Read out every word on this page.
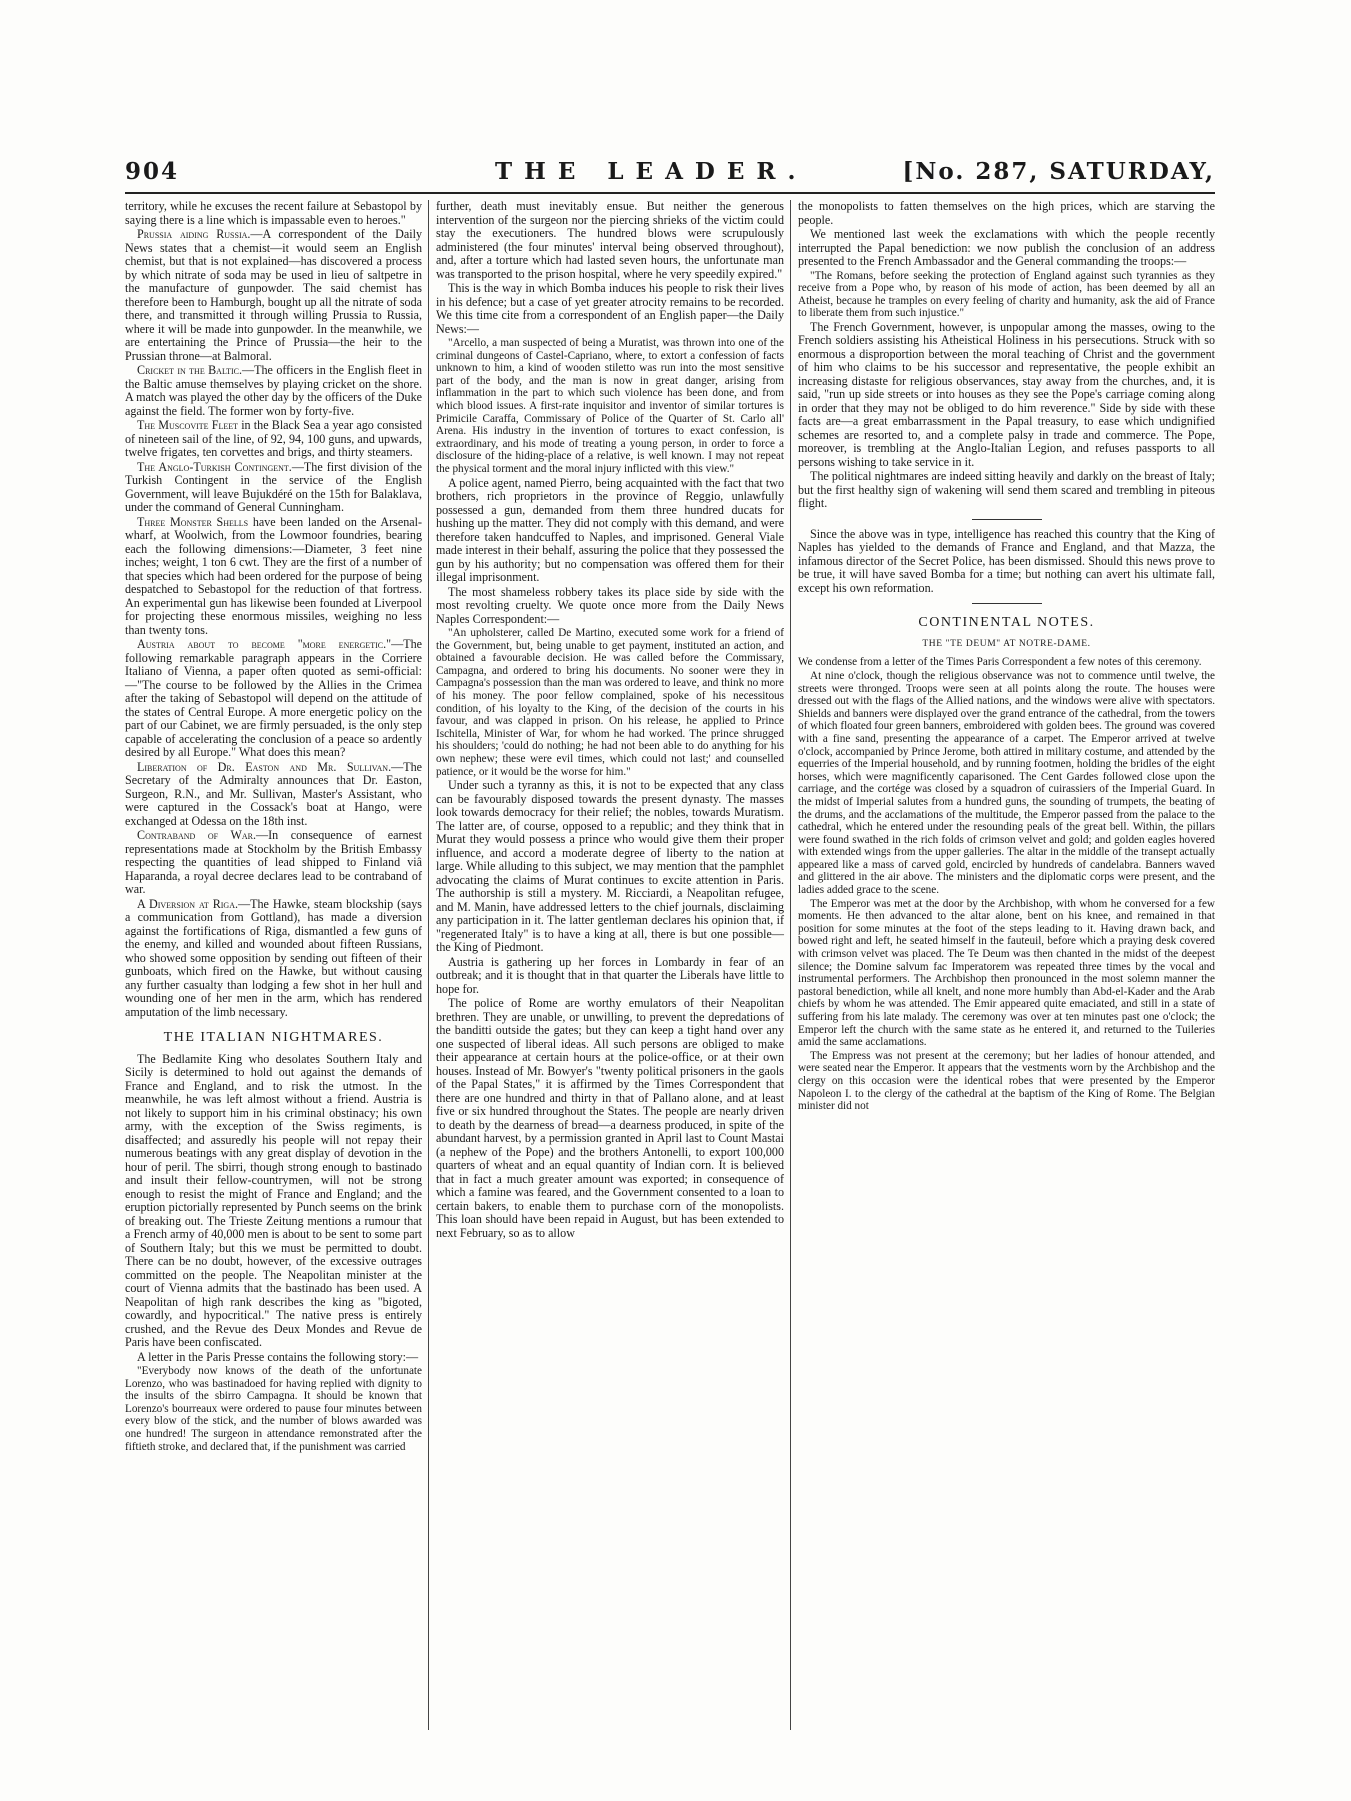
904	THE LEADER.	[No. 287, SATURDAY,

territory, while he excuses the recent failure at Sebastopol by saying there is a line which is impassable even to heroes."

Prussia aiding Russia.—A correspondent of the Daily News states that a chemist—it would seem an English chemist, but that is not explained—has discovered a process by which nitrate of soda may be used in lieu of saltpetre in the manufacture of gunpowder. The said chemist has therefore been to Hamburgh, bought up all the nitrate of soda there, and transmitted it through willing Prussia to Russia, where it will be made into gunpowder. In the meanwhile, we are entertaining the Prince of Prussia—the heir to the Prussian throne—at Balmoral.

Cricket in the Baltic.—The officers in the English fleet in the Baltic amuse themselves by playing cricket on the shore. A match was played the other day by the officers of the Duke against the field. The former won by forty-five.

The Muscovite Fleet in the Black Sea a year ago consisted of nineteen sail of the line, of 92, 94, 100 guns, and upwards, twelve frigates, ten corvettes and brigs, and thirty steamers.

The Anglo-Turkish Contingent.—The first division of the Turkish Contingent in the service of the English Government, will leave Bujukdéré on the 15th for Balaklava, under the command of General Cunningham.

Three Monster Shells have been landed on the Arsenal-wharf, at Woolwich, from the Lowmoor foundries, bearing each the following dimensions:—Diameter, 3 feet nine inches; weight, 1 ton 6 cwt. They are the first of a number of that species which had been ordered for the purpose of being despatched to Sebastopol for the reduction of that fortress. An experimental gun has likewise been founded at Liverpool for projecting these enormous missiles, weighing no less than twenty tons.

Austria about to become "more energetic."—The following remarkable paragraph appears in the Corriere Italiano of Vienna, a paper often quoted as semi-official:—"The course to be followed by the Allies in the Crimea after the taking of Sebastopol will depend on the attitude of the states of Central Europe. A more energetic policy on the part of our Cabinet, we are firmly persuaded, is the only step capable of accelerating the conclusion of a peace so ardently desired by all Europe." What does this mean?

Liberation of Dr. Easton and Mr. Sullivan.—The Secretary of the Admiralty announces that Dr. Easton, Surgeon, R.N., and Mr. Sullivan, Master's Assistant, who were captured in the Cossack's boat at Hango, were exchanged at Odessa on the 18th inst.

Contraband of War.—In consequence of earnest representations made at Stockholm by the British Embassy respecting the quantities of lead shipped to Finland viâ Haparanda, a royal decree declares lead to be contraband of war.

A Diversion at Riga.—The Hawke, steam blockship (says a communication from Gottland), has made a diversion against the fortifications of Riga, dismantled a few guns of the enemy, and killed and wounded about fifteen Russians, who showed some opposition by sending out fifteen of their gunboats, which fired on the Hawke, but without causing any further casualty than lodging a few shot in her hull and wounding one of her men in the arm, which has rendered amputation of the limb necessary.

THE ITALIAN NIGHTMARES.

The Bedlamite King who desolates Southern Italy and Sicily is determined to hold out against the demands of France and England, and to risk the utmost. In the meanwhile, he was left almost without a friend. Austria is not likely to support him in his criminal obstinacy; his own army, with the exception of the Swiss regiments, is disaffected; and assuredly his people will not repay their numerous beatings with any great display of devotion in the hour of peril. The sbirri, though strong enough to bastinado and insult their fellow-countrymen, will not be strong enough to resist the might of France and England; and the eruption pictorially represented by Punch seems on the brink of breaking out. The Trieste Zeitung mentions a rumour that a French army of 40,000 men is about to be sent to some part of Southern Italy; but this we must be permitted to doubt. There can be no doubt, however, of the excessive outrages committed on the people. The Neapolitan minister at the court of Vienna admits that the bastinado has been used. A Neapolitan of high rank describes the king as "bigoted, cowardly, and hypocritical." The native press is entirely crushed, and the Revue des Deux Mondes and Revue de Paris have been confiscated.

A letter in the Paris Presse contains the following story:—

"Everybody now knows of the death of the unfortunate Lorenzo, who was bastinadoed for having replied with dignity to the insults of the sbirro Campagna. It should be known that Lorenzo's bourreaux were ordered to pause four minutes between every blow of the stick, and the number of blows awarded was one hundred! The surgeon in attendance remonstrated after the fiftieth stroke, and declared that, if the punishment was carried

further, death must inevitably ensue. But neither the generous intervention of the surgeon nor the piercing shrieks of the victim could stay the executioners. The hundred blows were scrupulously administered (the four minutes' interval being observed throughout), and, after a torture which had lasted seven hours, the unfortunate man was transported to the prison hospital, where he very speedily expired."

This is the way in which Bomba induces his people to risk their lives in his defence; but a case of yet greater atrocity remains to be recorded. We this time cite from a correspondent of an English paper—the Daily News:—

"Arcello, a man suspected of being a Muratist, was thrown into one of the criminal dungeons of Castel-Capriano, where, to extort a confession of facts unknown to him, a kind of wooden stiletto was run into the most sensitive part of the body, and the man is now in great danger, arising from inflammation in the part to which such violence has been done, and from which blood issues. A first-rate inquisitor and inventor of similar tortures is Primicile Caraffa, Commissary of Police of the Quarter of St. Carlo all' Arena. His industry in the invention of tortures to exact confession, is extraordinary, and his mode of treating a young person, in order to force a disclosure of the hiding-place of a relative, is well known. I may not repeat the physical torment and the moral injury inflicted with this view."

A police agent, named Pierro, being acquainted with the fact that two brothers, rich proprietors in the province of Reggio, unlawfully possessed a gun, demanded from them three hundred ducats for hushing up the matter. They did not comply with this demand, and were therefore taken handcuffed to Naples, and imprisoned. General Viale made interest in their behalf, assuring the police that they possessed the gun by his authority; but no compensation was offered them for their illegal imprisonment.

The most shameless robbery takes its place side by side with the most revolting cruelty. We quote once more from the Daily News Naples Correspondent:—

"An upholsterer, called De Martino, executed some work for a friend of the Government, but, being unable to get payment, instituted an action, and obtained a favourable decision. He was called before the Commissary, Campagna, and ordered to bring his documents. No sooner were they in Campagna's possession than the man was ordered to leave, and think no more of his money. The poor fellow complained, spoke of his necessitous condition, of his loyalty to the King, of the decision of the courts in his favour, and was clapped in prison. On his release, he applied to Prince Ischitella, Minister of War, for whom he had worked. The prince shrugged his shoulders; 'could do nothing; he had not been able to do anything for his own nephew; these were evil times, which could not last;' and counselled patience, or it would be the worse for him."

Under such a tyranny as this, it is not to be expected that any class can be favourably disposed towards the present dynasty. The masses look towards democracy for their relief; the nobles, towards Muratism. The latter are, of course, opposed to a republic; and they think that in Murat they would possess a prince who would give them their proper influence, and accord a moderate degree of liberty to the nation at large. While alluding to this subject, we may mention that the pamphlet advocating the claims of Murat continues to excite attention in Paris. The authorship is still a mystery. M. Ricciardi, a Neapolitan refugee, and M. Manin, have addressed letters to the chief journals, disclaiming any participation in it. The latter gentleman declares his opinion that, if "regenerated Italy" is to have a king at all, there is but one possible—the King of Piedmont.

Austria is gathering up her forces in Lombardy in fear of an outbreak; and it is thought that in that quarter the Liberals have little to hope for.

The police of Rome are worthy emulators of their Neapolitan brethren. They are unable, or unwilling, to prevent the depredations of the banditti outside the gates; but they can keep a tight hand over any one suspected of liberal ideas. All such persons are obliged to make their appearance at certain hours at the police-office, or at their own houses. Instead of Mr. Bowyer's "twenty political prisoners in the gaols of the Papal States," it is affirmed by the Times Correspondent that there are one hundred and thirty in that of Pallano alone, and at least five or six hundred throughout the States. The people are nearly driven to death by the dearness of bread—a dearness produced, in spite of the abundant harvest, by a permission granted in April last to Count Mastai (a nephew of the Pope) and the brothers Antonelli, to export 100,000 quarters of wheat and an equal quantity of Indian corn. It is believed that in fact a much greater amount was exported; in consequence of which a famine was feared, and the Government consented to a loan to certain bakers, to enable them to purchase corn of the monopolists. This loan should have been repaid in August, but has been extended to next February, so as to allow

the monopolists to fatten themselves on the high prices, which are starving the people.

We mentioned last week the exclamations with which the people recently interrupted the Papal benediction: we now publish the conclusion of an address presented to the French Ambassador and the General commanding the troops:—

"The Romans, before seeking the protection of England against such tyrannies as they receive from a Pope who, by reason of his mode of action, has been deemed by all an Atheist, because he tramples on every feeling of charity and humanity, ask the aid of France to liberate them from such injustice."

The French Government, however, is unpopular among the masses, owing to the French soldiers assisting his Atheistical Holiness in his persecutions. Struck with so enormous a disproportion between the moral teaching of Christ and the government of him who claims to be his successor and representative, the people exhibit an increasing distaste for religious observances, stay away from the churches, and, it is said, "run up side streets or into houses as they see the Pope's carriage coming along in order that they may not be obliged to do him reverence." Side by side with these facts are—a great embarrassment in the Papal treasury, to ease which undignified schemes are resorted to, and a complete palsy in trade and commerce. The Pope, moreover, is trembling at the Anglo-Italian Legion, and refuses passports to all persons wishing to take service in it.

The political nightmares are indeed sitting heavily and darkly on the breast of Italy; but the first healthy sign of wakening will send them scared and trembling in piteous flight.

Since the above was in type, intelligence has reached this country that the King of Naples has yielded to the demands of France and England, and that Mazza, the infamous director of the Secret Police, has been dismissed. Should this news prove to be true, it will have saved Bomba for a time; but nothing can avert his ultimate fall, except his own reformation.

CONTINENTAL NOTES.
THE "TE DEUM" AT NOTRE-DAME.

We condense from a letter of the Times Paris Correspondent a few notes of this ceremony.

At nine o'clock, though the religious observance was not to commence until twelve, the streets were thronged. Troops were seen at all points along the route. The houses were dressed out with the flags of the Allied nations, and the windows were alive with spectators. Shields and banners were displayed over the grand entrance of the cathedral, from the towers of which floated four green banners, embroidered with golden bees. The ground was covered with a fine sand, presenting the appearance of a carpet. The Emperor arrived at twelve o'clock, accompanied by Prince Jerome, both attired in military costume, and attended by the equerries of the Imperial household, and by running footmen, holding the bridles of the eight horses, which were magnificently caparisoned. The Cent Gardes followed close upon the carriage, and the cortége was closed by a squadron of cuirassiers of the Imperial Guard. In the midst of Imperial salutes from a hundred guns, the sounding of trumpets, the beating of the drums, and the acclamations of the multitude, the Emperor passed from the palace to the cathedral, which he entered under the resounding peals of the great bell. Within, the pillars were found swathed in the rich folds of crimson velvet and gold; and golden eagles hovered with extended wings from the upper galleries. The altar in the middle of the transept actually appeared like a mass of carved gold, encircled by hundreds of candelabra. Banners waved and glittered in the air above. The ministers and the diplomatic corps were present, and the ladies added grace to the scene.

The Emperor was met at the door by the Archbishop, with whom he conversed for a few moments. He then advanced to the altar alone, bent on his knee, and remained in that position for some minutes at the foot of the steps leading to it. Having drawn back, and bowed right and left, he seated himself in the fauteuil, before which a praying desk covered with crimson velvet was placed. The Te Deum was then chanted in the midst of the deepest silence; the Domine salvum fac Imperatorem was repeated three times by the vocal and instrumental performers. The Archbishop then pronounced in the most solemn manner the pastoral benediction, while all knelt, and none more humbly than Abd-el-Kader and the Arab chiefs by whom he was attended. The Emir appeared quite emaciated, and still in a state of suffering from his late malady. The ceremony was over at ten minutes past one o'clock; the Emperor left the church with the same state as he entered it, and returned to the Tuileries amid the same acclamations.

The Empress was not present at the ceremony; but her ladies of honour attended, and were seated near the Emperor. It appears that the vestments worn by the Archbishop and the clergy on this occasion were the identical robes that were presented by the Emperor Napoleon I. to the clergy of the cathedral at the baptism of the King of Rome. The Belgian minister did not
